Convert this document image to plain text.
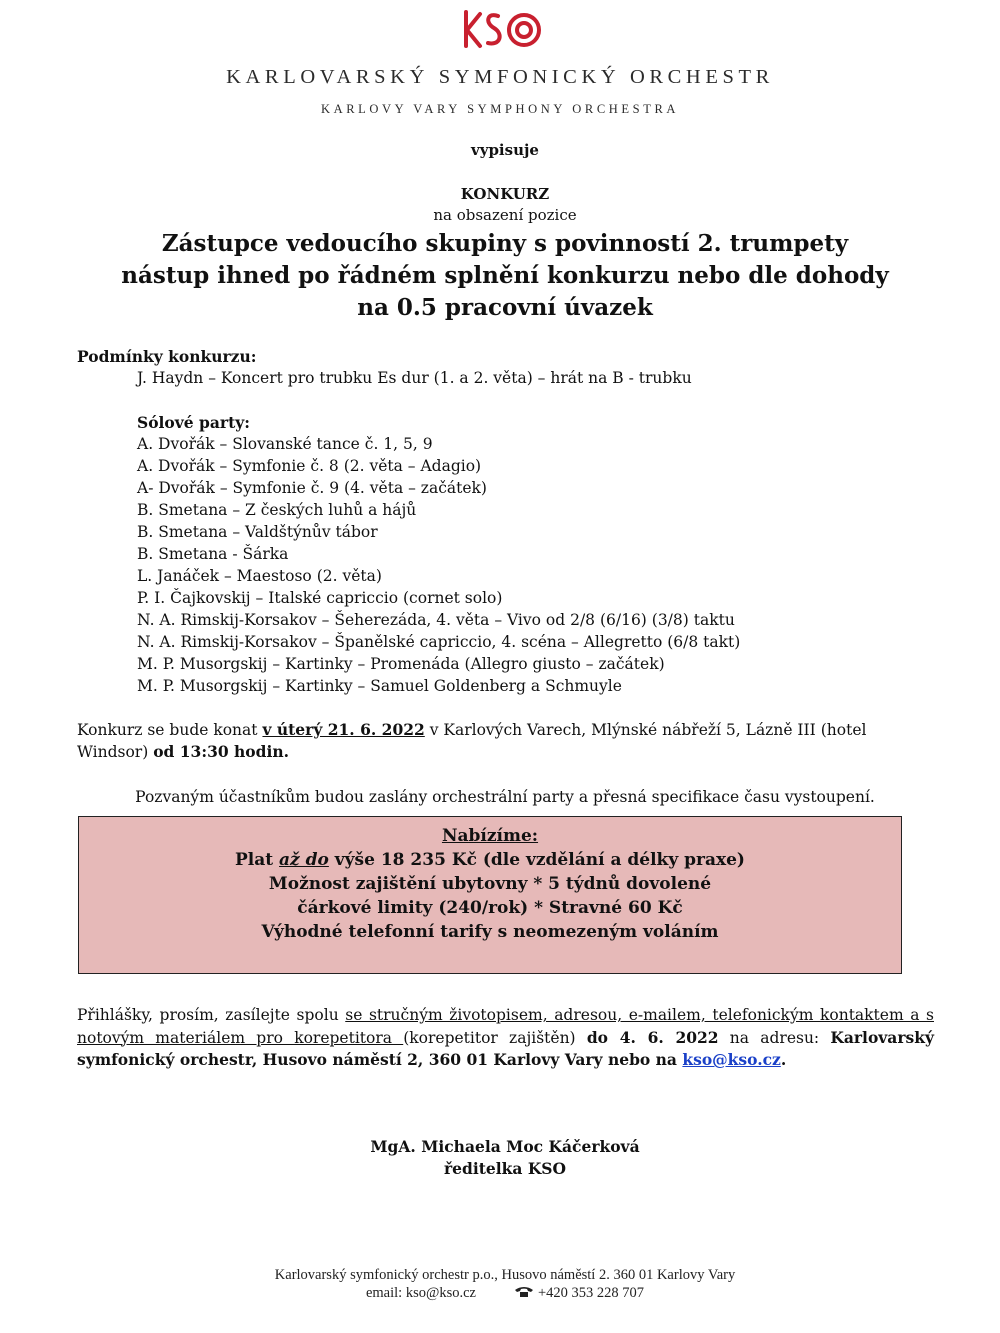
KARLOVARSKÝ SYMFONICKÝ ORCHESTR
KARLOVY VARY SYMPHONY ORCHESTRA
vypisuje
KONKURZ
na obsazení pozice
Zástupce vedoucího skupiny s povinností 2. trumpety
nástup ihned po řádném splnění konkurzu nebo dle dohody
na 0.5 pracovní úvazek
Podmínky konkurzu:
J. Haydn – Koncert pro trubku Es dur (1. a 2. věta) – hrát na B - trubku
Sólové party:
A. Dvořák – Slovanské tance č. 1, 5, 9
A. Dvořák – Symfonie č. 8 (2. věta – Adagio)
A- Dvořák – Symfonie č. 9 (4. věta – začátek)
B. Smetana – Z českých luhů a hájů
B. Smetana – Valdštýnův tábor
B. Smetana - Šárka
L. Janáček – Maestoso (2. věta)
P. I. Čajkovskij – Italské capriccio (cornet solo)
N. A. Rimskij-Korsakov – Šeherezáda, 4. věta – Vivo od 2/8 (6/16) (3/8) taktu
N. A. Rimskij-Korsakov – Španělské capriccio, 4. scéna – Allegretto (6/8 takt)
M. P. Musorgskij – Kartinky – Promenáda (Allegro giusto – začátek)
M. P. Musorgskij – Kartinky – Samuel Goldenberg a Schmuyle
Konkurz se bude konat v úterý 21. 6. 2022 v Karlových Varech, Mlýnské nábřeží 5, Lázně III (hotel Windsor) od 13:30 hodin.
Pozvaným účastníkům budou zaslány orchestrální party a přesná specifikace času vystoupení.
Nabízíme:
Plat až do výše 18 235 Kč (dle vzdělání a délky praxe)
Možnost zajištění ubytovny * 5 týdnů dovolené
čárkové limity (240/rok) * Stravné 60 Kč
Výhodné telefonní tarify s neomezeným voláním
Přihlášky, prosím, zasílejte spolu se stručným životopisem, adresou, e-mailem, telefonickým kontaktem a s notovým materiálem pro korepetitora (korepetitor zajištěn) do 4. 6. 2022 na adresu: Karlovarský symfonický orchestr, Husovo náměstí 2, 360 01 Karlovy Vary nebo na kso@kso.cz.
MgA. Michaela Moc Káčerková
ředitelka KSO
Karlovarský symfonický orchestr p.o., Husovo náměstí 2. 360 01 Karlovy Vary
email: kso@kso.cz	+420 353 228 707
